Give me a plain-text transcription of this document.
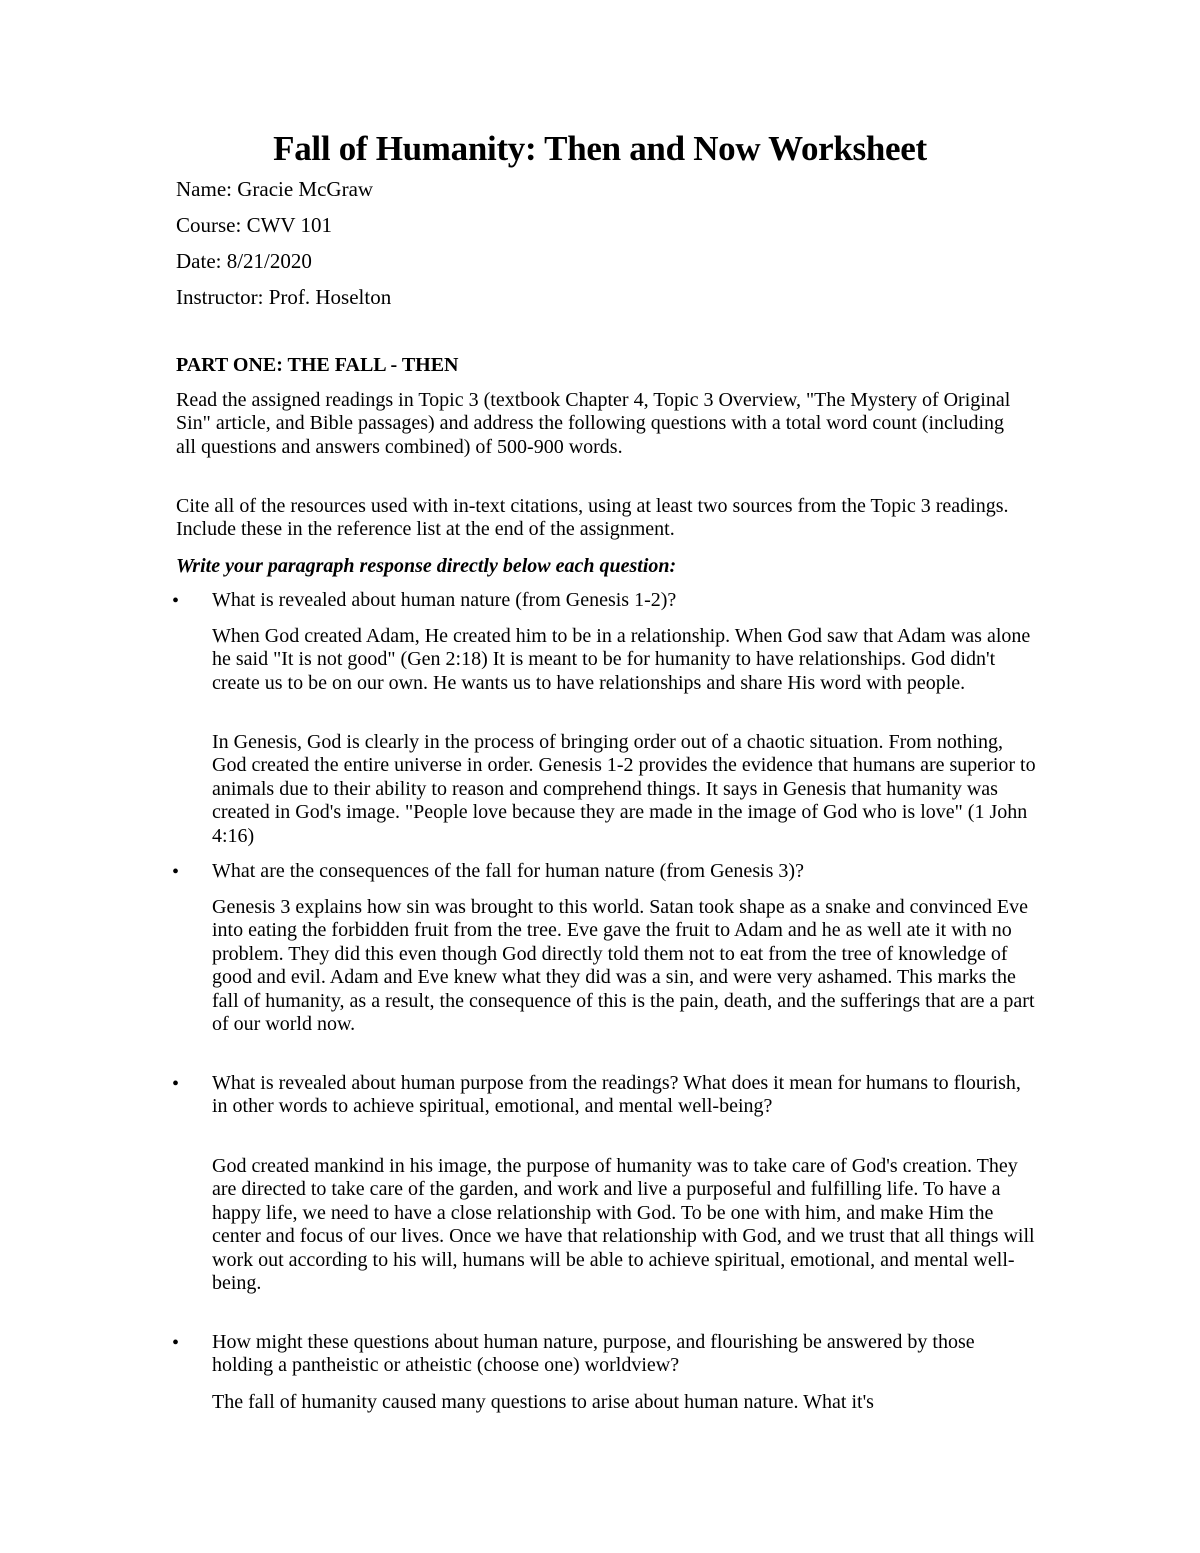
Fall of Humanity: Then and Now Worksheet

Name: Gracie McGraw

Course: CWV 101

Date: 8/21/2020

Instructor: Prof. Hoselton

PART ONE: THE FALL - THEN

Read the assigned readings in Topic 3 (textbook Chapter 4, Topic 3 Overview, "The Mystery of Original Sin" article, and Bible passages) and address the following questions with a total word count (including all questions and answers combined) of 500-900 words.

Cite all of the resources used with in-text citations, using at least two sources from the Topic 3 readings. Include these in the reference list at the end of the assignment.

Write your paragraph response directly below each question:

• What is revealed about human nature (from Genesis 1-2)?

When God created Adam, He created him to be in a relationship. When God saw that Adam was alone he said "It is not good" (Gen 2:18) It is meant to be for humanity to have relationships. God didn't create us to be on our own. He wants us to have relationships and share His word with people.

In Genesis, God is clearly in the process of bringing order out of a chaotic situation. From nothing, God created the entire universe in order. Genesis 1-2 provides the evidence that humans are superior to animals due to their ability to reason and comprehend things. It says in Genesis that humanity was created in God's image. "People love because they are made in the image of God who is love" (1 John 4:16)

• What are the consequences of the fall for human nature (from Genesis 3)?

Genesis 3 explains how sin was brought to this world. Satan took shape as a snake and convinced Eve into eating the forbidden fruit from the tree. Eve gave the fruit to Adam and he as well ate it with no problem. They did this even though God directly told them not to eat from the tree of knowledge of good and evil. Adam and Eve knew what they did was a sin, and were very ashamed. This marks the fall of humanity, as a result, the consequence of this is the pain, death, and the sufferings that are a part of our world now.

• What is revealed about human purpose from the readings? What does it mean for humans to flourish, in other words to achieve spiritual, emotional, and mental well-being?

God created mankind in his image, the purpose of humanity was to take care of God's creation. They are directed to take care of the garden, and work and live a purposeful and fulfilling life. To have a happy life, we need to have a close relationship with God. To be one with him, and make Him the center and focus of our lives. Once we have that relationship with God, and we trust that all things will work out according to his will, humans will be able to achieve spiritual, emotional, and mental well-being.

• How might these questions about human nature, purpose, and flourishing be answered by those holding a pantheistic or atheistic (choose one) worldview?

The fall of humanity caused many questions to arise about human nature. What it's
